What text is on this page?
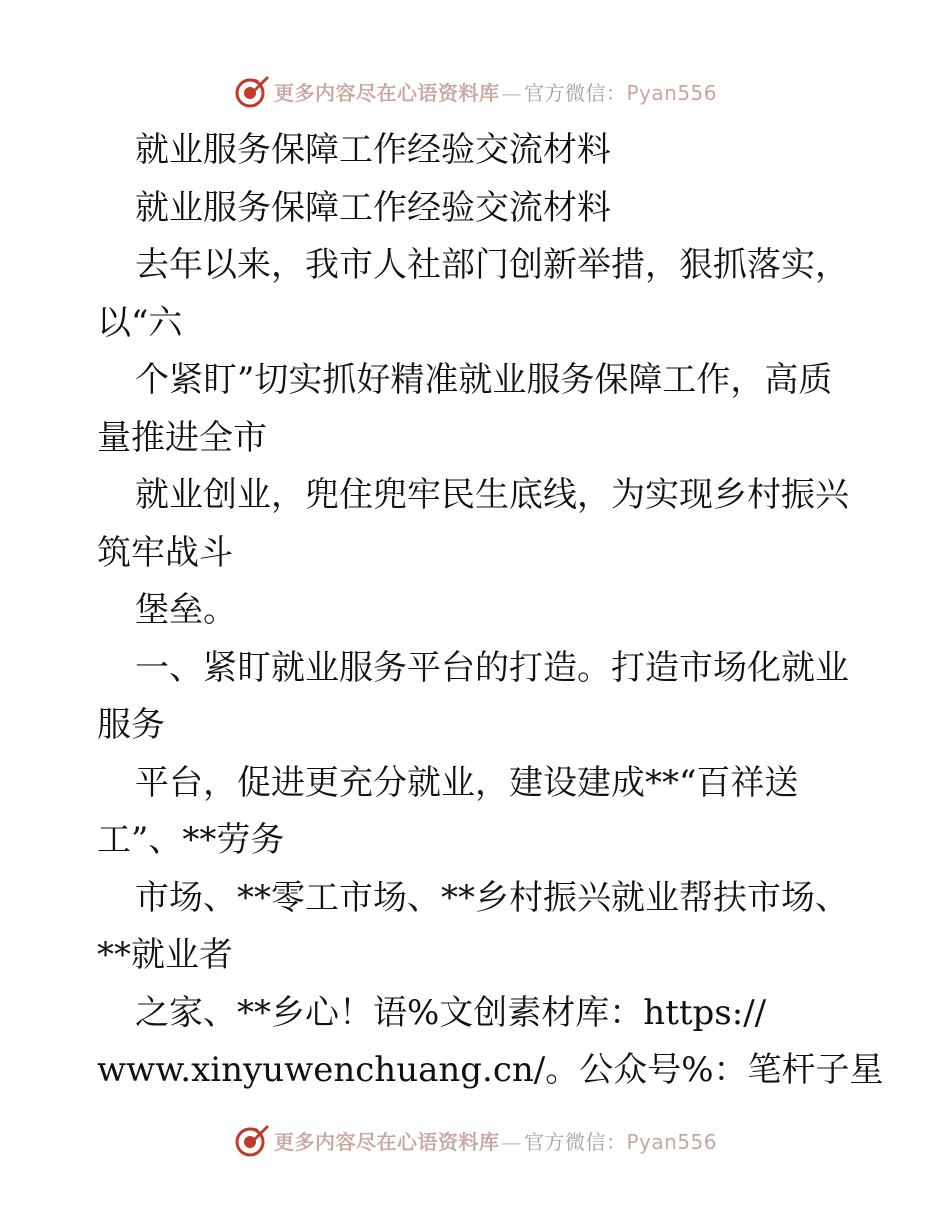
更多内容尽在心语资料库 — 官方微信：Pyan556
就业服务保障工作经验交流材料
就业服务保障工作经验交流材料
去年以来，我市人社部门创新举措，狠抓落实，
以“六
个紧盯”切实抓好精准就业服务保障工作，高质
量推进全市
就业创业，兜住兜牢民生底线，为实现乡村振兴
筑牢战斗
堡垒。
一、紧盯就业服务平台的打造。打造市场化就业
服务
平台，促进更充分就业，建设建成**“百祥送
工”、**劳务
市场、**零工市场、**乡村振兴就业帮扶市场、
**就业者
之家、**乡心！语%文创素材库：https://
www.xinyuwenchuang.cn/。公众号%：笔杆子星
更多内容尽在心语资料库 — 官方微信：Pyan556
